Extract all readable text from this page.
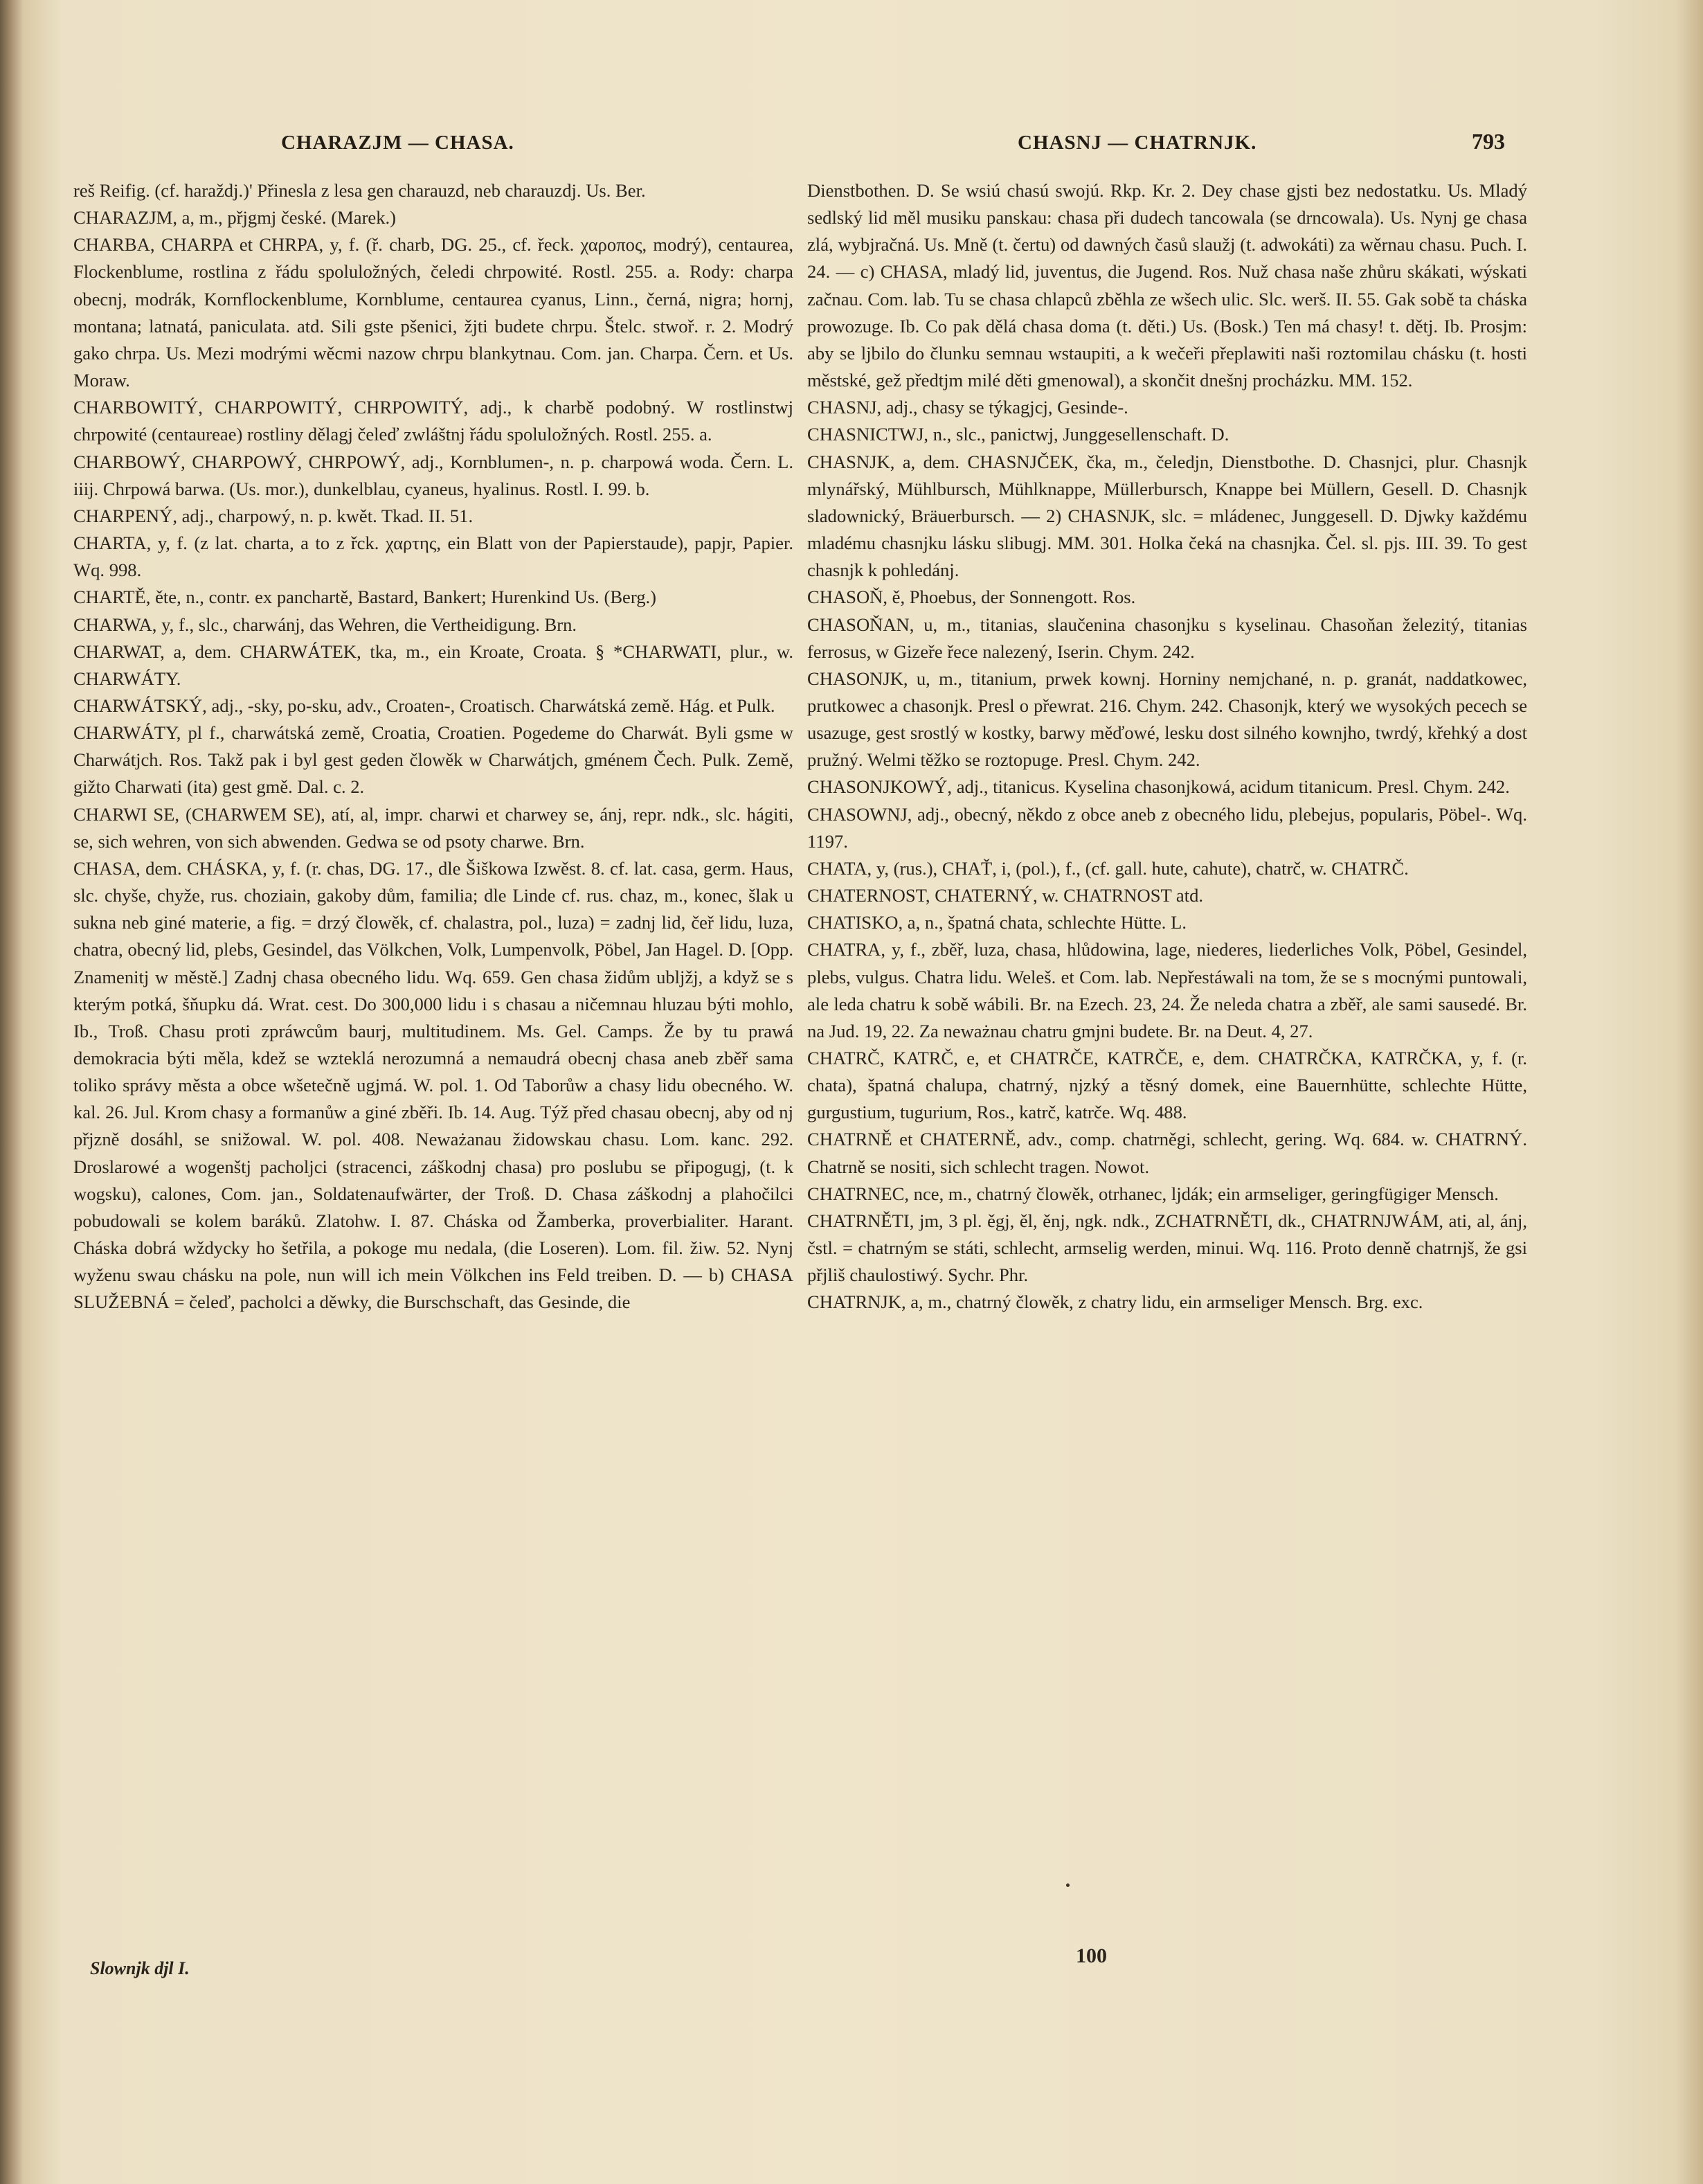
CHARAZJM — CHASA.	CHASNJ — CHATRNJK.	793

reš Reifig. (cf. haraždj.)' Přinesla z lesa gen charauzd, neb charauzdj. Us. Ber.

CHARAZJM, a, m., přjgmj české. (Marek.)

CHARBA, CHARPA et CHRPA, y, f. (ř. charb, DG. 25., cf. řeck. χαροπος, modrý), centaurea, Flockenblume, rostlina z řádu spoluložných, čeledi chrpowité. Rostl. 255. a. Rody: charpa obecnj, modrák, Kornflockenblume, Kornblume, centaurea cyanus, Linn., černá, nigra; hornj, montana; latnatá, paniculata. atd. Sili gste pšenici, žjti budete chrpu. Štelc. stwoř. r. 2. Modrý gako chrpa. Us. Mezi modrými wěcmi nazow chrpu blankytnau. Com. jan. Charpa. Čern. et Us. Moraw.

CHARBOWITÝ, CHARPOWITÝ, CHRPOWITÝ, adj., k charbě podobný. W rostlinstwj chrpowité (centaureae) rostliny dělagj čeleď zwláštnj řádu spoluložných. Rostl. 255. a.

CHARBOWÝ, CHARPOWÝ, CHRPOWÝ, adj., Kornblumen-, n. p. charpowá woda. Čern. L. iiij. Chrpowá barwa. (Us. mor.), dunkelblau, cyaneus, hyalinus. Rostl. I. 99. b.

CHARPENÝ, adj., charpowý, n. p. kwět. Tkad. II. 51.

CHARTA, y, f. (z lat. charta, a to z řck. χαρτης, ein Blatt von der Papierstaude), papjr, Papier. Wq. 998.

CHARTĚ, ěte, n., contr. ex panchartě, Bastard, Bankert; Hurenkind Us. (Berg.)

CHARWA, y, f., slc., charwánj, das Wehren, die Vertheidigung. Brn.

CHARWAT, a, dem. CHARWÁTEK, tka, m., ein Kroate, Croata. § *CHARWATI, plur., w. CHARWÁTY.

CHARWÁTSKÝ, adj., -sky, po-sku, adv., Croaten-, Croatisch. Charwátská země. Hág. et Pulk.

CHARWÁTY, pl f., charwátská země, Croatia, Croatien. Pogedeme do Charwát. Byli gsme w Charwátjch. Ros. Takž pak i byl gest geden člowěk w Charwátjch, gménem Čech. Pulk. Země, gižto Charwati (ita) gest gmě. Dal. c. 2.

CHARWI SE, (CHARWEM SE), atí, al, impr. charwi et charwey se, ánj, repr. ndk., slc. hágiti, se, sich wehren, von sich abwenden. Gedwa se od psoty charwe. Brn.

CHASA, dem. CHÁSKA, y, f. (r. chas, DG. 17., dle Šiškowa Izwěst. 8. cf. lat. casa, germ. Haus, slc. chyše, chyže, rus. choziain, gakoby dům, familia; dle Linde cf. rus. chaz, m., konec, šlak u sukna neb giné materie, a fig. = drzý člowěk, cf. chalastra, pol., luza) = zadnj lid, čeř lidu, luza, chatra, obecný lid, plebs, Gesindel, das Völkchen, Volk, Lumpenvolk, Pöbel, Jan Hagel. D. [Opp. Znamenitj w městě.] Zadnj chasa obecného lidu. Wq. 659. Gen chasa židům ubljžj, a když se s kterým potká, šňupku dá. Wrat. cest. Do 300,000 lidu i s chasau a ničemnau hluzau býti mohlo, Ib., Troß. Chasu proti zpráwcům baurj, multitudinem. Ms. Gel. Camps. Že by tu prawá demokracia býti měla, kdež se wzteklá nerozumná a nemaudrá obecnj chasa aneb zběř sama toliko správy města a obce wšetečně ugjmá. W. pol. 1. Od Taborůw a chasy lidu obecného. W. kal. 26. Jul. Krom chasy a formanůw a giné zběři. Ib. 14. Aug. Týž před chasau obecnj, aby od nj přjzně dosáhl, se snižowal. W. pol. 408. Neważanau židowskau chasu. Lom. kanc. 292. Droslarowé a wogenštj pacholjci (stracenci, záškodnj chasa) pro poslubu se připogugj, (t. k wogsku), calones, Com. jan., Soldatenaufwärter, der Troß. D. Chasa záškodnj a plahočilci pobudowali se kolem baráků. Zlatohw. I. 87. Cháska od Žamberka, proverbialiter. Harant. Cháska dobrá wždycky ho šetřila, a pokoge mu nedala, (die Loseren). Lom. fil. žiw. 52. Nynj wyženu swau chásku na pole, nun will ich mein Völkchen ins Feld treiben. D. — b) CHASA SLUŽEBNÁ = čeleď, pacholci a děwky, die Burschschaft, das Gesinde, die

Dienstbothen. D. Se wsiú chasú swojú. Rkp. Kr. 2. Dey chase gjsti bez nedostatku. Us. Mladý sedlský lid měl musiku panskau: chasa při dudech tancowala (se drncowala). Us. Nynj ge chasa zlá, wybjračná. Us. Mně (t. čertu) od dawných časů slaužj (t. adwokáti) za wěrnau chasu. Puch. I. 24. — c) CHASA, mladý lid, juventus, die Jugend. Ros. Nuž chasa naše zhůru skákati, wýskati začnau. Com. lab. Tu se chasa chlapců zběhla ze wšech ulic. Slc. werš. II. 55. Gak sobě ta cháska prowozuge. Ib. Co pak dělá chasa doma (t. děti.) Us. (Bosk.) Ten má chasy! t. dětj. Ib. Prosjm: aby se ljbilo do člunku semnau wstaupiti, a k wečeři přeplawiti naši roztomilau chásku (t. hosti městské, gež předtjm milé děti gmenowal), a skončit dnešnj procházku. MM. 152.

CHASNJ, adj., chasy se týkagjcj, Gesinde-.

CHASNICTWJ, n., slc., panictwj, Junggesellenschaft. D.

CHASNJK, a, dem. CHASNJČEK, čka, m., čeledjn, Dienstbothe. D. Chasnjci, plur. Chasnjk mlynářský, Mühlbursch, Mühlknappe, Müllerbursch, Knappe bei Müllern, Gesell. D. Chasnjk sladownický, Bräuerbursch. — 2) CHASNJK, slc. = mládenec, Junggesell. D. Djwky každému mladému chasnjku lásku slibugj. MM. 301. Holka čeká na chasnjka. Čel. sl. pjs. III. 39. To gest chasnjk k pohledánj.

CHASOŇ, ě, Phoebus, der Sonnengott. Ros.

CHASOŇAN, u, m., titanias, slaučenina chasonjku s kyselinau. Chasoňan železitý, titanias ferrosus, w Gizeře řece nalezený, Iserin. Chym. 242.

CHASONJK, u, m., titanium, prwek kownj. Horniny nemjchané, n. p. granát, naddatkowec, prutkowec a chasonjk. Presl o přewrat. 216. Chym. 242. Chasonjk, který we wysokých pecech se usazuge, gest srostlý w kostky, barwy měďowé, lesku dost silného kownjho, twrdý, křehký a dost pružný. Welmi těžko se roztopuge. Presl. Chym. 242.

CHASONJKOWÝ, adj., titanicus. Kyselina chasonjkowá, acidum titanicum. Presl. Chym. 242.

CHASOWNJ, adj., obecný, někdo z obce aneb z obecného lidu, plebejus, popularis, Pöbel-. Wq. 1197.

CHATA, y, (rus.), CHAŤ, i, (pol.), f., (cf. gall. hute, cahute), chatrč, w. CHATRČ.

CHATERNOST, CHATERNÝ, w. CHATRNOST atd.

CHATISKO, a, n., špatná chata, schlechte Hütte. L.

CHATRA, y, f., zběř, luza, chasa, hlůdowina, lage, niederes, liederliches Volk, Pöbel, Gesindel, plebs, vulgus. Chatra lidu. Weleš. et Com. lab. Nepřestáwali na tom, že se s mocnými puntowali, ale leda chatru k sobě wábili. Br. na Ezech. 23, 24. Že neleda chatra a zběř, ale sami sausedé. Br. na Jud. 19, 22. Za neważnau chatru gmjni budete. Br. na Deut. 4, 27.

CHATRČ, KATRČ, e, et CHATRČE, KATRČE, e, dem. CHATRČKA, KATRČKA, y, f. (r. chata), špatná chalupa, chatrný, njzký a těsný domek, eine Bauernhütte, schlechte Hütte, gurgustium, tugurium, Ros., katrč, katrče. Wq. 488.

CHATRNĚ et CHATERNĚ, adv., comp. chatrněgi, schlecht, gering. Wq. 684. w. CHATRNÝ. Chatrně se nositi, sich schlecht tragen. Nowot.

CHATRNEC, nce, m., chatrný člowěk, otrhanec, ljdák; ein armseliger, geringfügiger Mensch.

CHATRNĚTI, jm, 3 pl. ěgj, ěl, ěnj, ngk. ndk., ZCHATRNĚTI, dk., CHATRNJWÁM, ati, al, ánj, čstl. = chatrným se státi, schlecht, armselig werden, minui. Wq. 116. Proto denně chatrnjš, že gsi přjliš chaulostiwý. Sychr. Phr.

CHATRNJK, a, m., chatrný člowěk, z chatry lidu, ein armseliger Mensch. Brg. exc.

Slownjk djl I.
100
